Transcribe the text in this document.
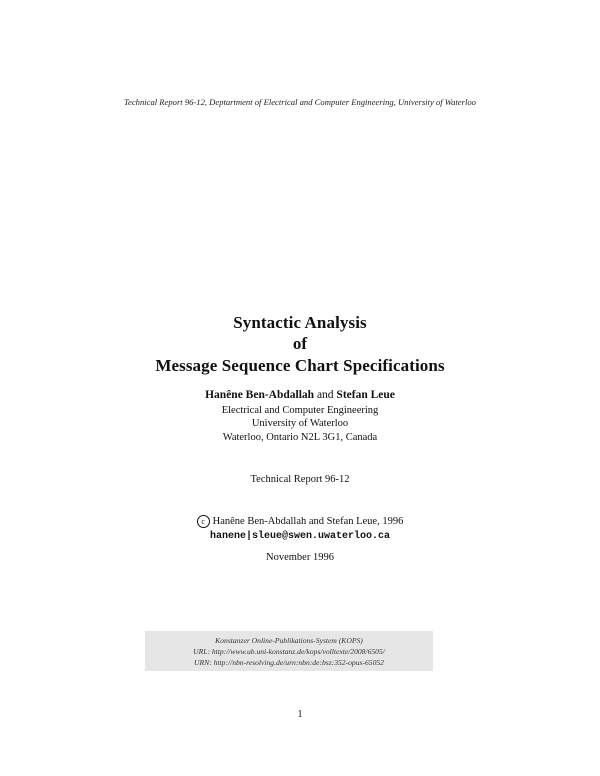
Technical Report 96-12, Deptartment of Electrical and Computer Engineering, University of Waterloo
Syntactic Analysis
of
Message Sequence Chart Specifications
Hanêne Ben-Abdallah and Stefan Leue
Electrical and Computer Engineering
University of Waterloo
Waterloo, Ontario N2L 3G1, Canada
Technical Report 96-12
c Hanêne Ben-Abdallah and Stefan Leue, 1996
hanene|sleue@swen.uwaterloo.ca
November 1996
Konstanzer Online-Publikations-System (KOPS)
URL: http://www.ub.uni-konstanz.de/kops/volltexte/2008/6505/
URN: http://nbn-resolving.de/urn:nbn:de:bsz:352-opus-65052
1
